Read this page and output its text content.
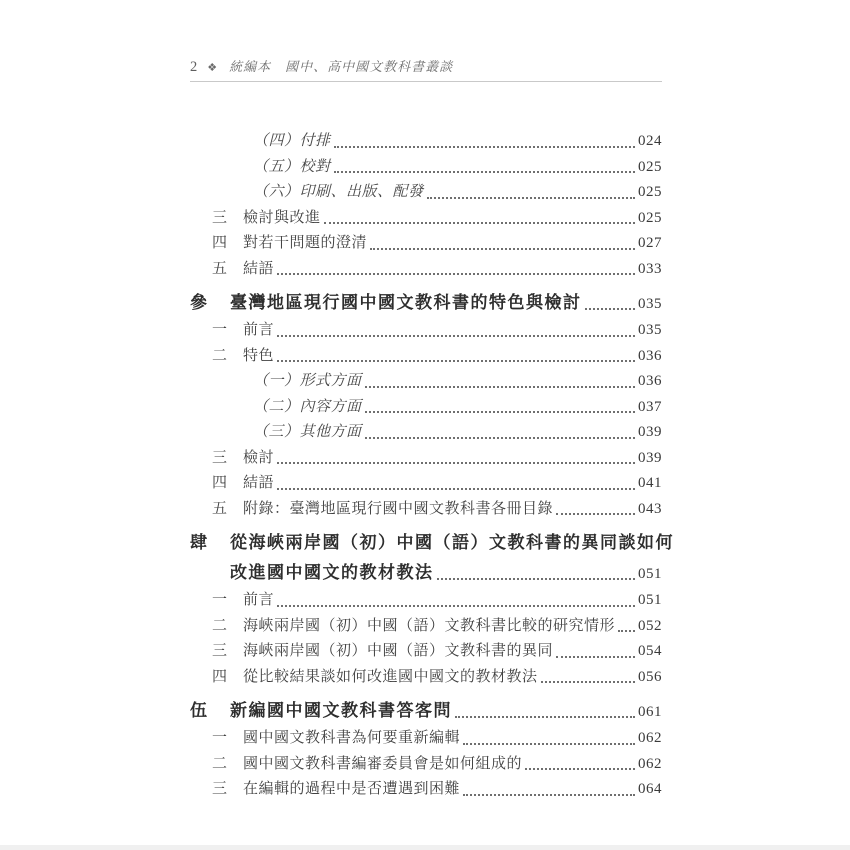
2 ❖ 統編本　國中、高中國文教科書叢談
（四） 付排	024
（五） 校對	025
（六） 印刷、出版、配發	025
三	檢討與改進	025
四	對若干問題的澄清	027
五	結語	033
參	臺灣地區現行國中國文教科書的特色與檢討	035
一	前言	035
二	特色	036
（一） 形式方面	036
（二） 內容方面	037
（三） 其他方面	039
三	檢討	039
四	結語	041
五	附錄：臺灣地區現行國中國文教科書各冊目錄	043
肆	從海峽兩岸國（初）中國（語）文教科書的異同談如何
改進國中國文的教材教法	051
一	前言	051
二	海峽兩岸國（初）中國（語）文教科書比較的研究情形 052
三	海峽兩岸國（初）中國（語）文教科書的異同	054
四	從比較結果談如何改進國中國文的教材教法	056
伍	新編國中國文教科書答客問	061
一	國中國文教科書為何要重新編輯	062
二	國中國文教科書編審委員會是如何組成的	062
三	在編輯的過程中是否遭遇到困難	064
